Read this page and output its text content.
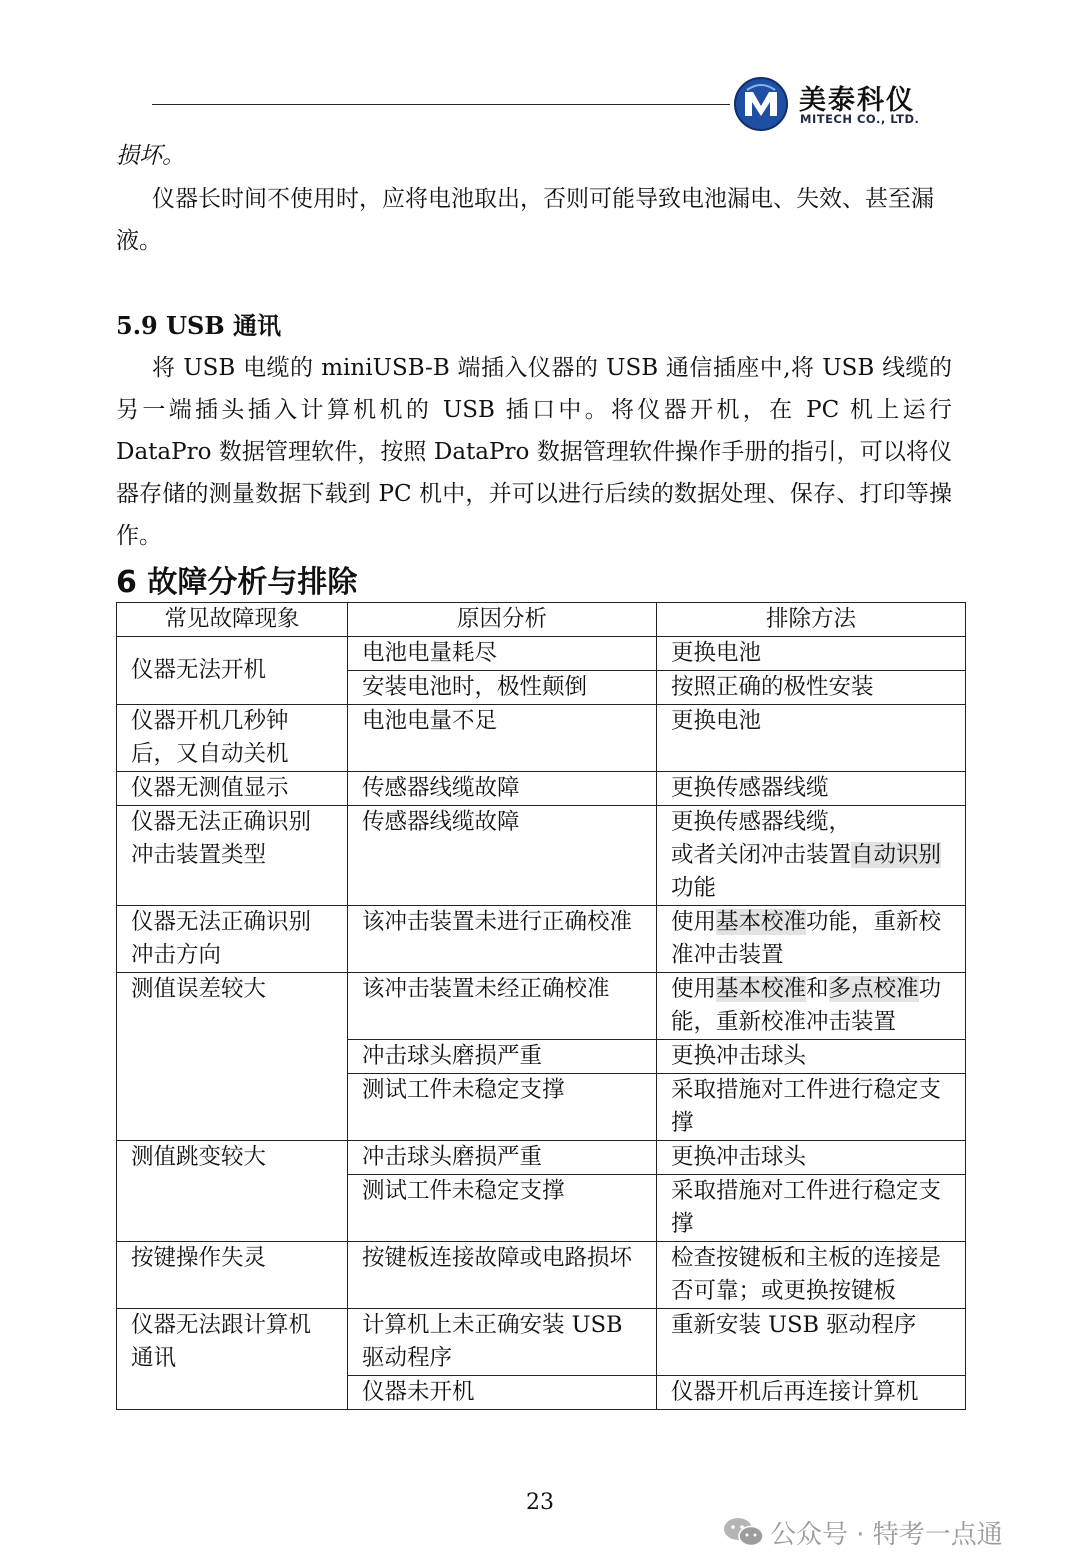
美泰科仪
MITECH CO., LTD.

损坏。

仪器长时间不使用时，应将电池取出，否则可能导致电池漏电、失效、甚至漏液。

5.9 USB 通讯

将 USB 电缆的 miniUSB-B 端插入仪器的 USB 通信插座中,将 USB 线缆的另一端插头插入计算机机的 USB 插口中。将仪器开机，在 PC 机上运行 DataPro 数据管理软件，按照 DataPro 数据管理软件操作手册的指引，可以将仪器存储的测量数据下载到 PC 机中，并可以进行后续的数据处理、保存、打印等操作。

6 故障分析与排除
常见故障现象	原因分析	排除方法
仪器无法开机	电池电量耗尽	更换电池
	安装电池时，极性颠倒	按照正确的极性安装
仪器开机几秒钟后，又自动关机	电池电量不足	更换电池
仪器无测值显示	传感器线缆故障	更换传感器线缆
仪器无法正确识别冲击装置类型	传感器线缆故障	更换传感器线缆，
或者关闭冲击装置自动识别功能
仪器无法正确识别冲击方向	该冲击装置未进行正确校准	使用基本校准功能，重新校准冲击装置
测值误差较大	该冲击装置未经正确校准	使用基本校准和多点校准功能，重新校准冲击装置
	冲击球头磨损严重	更换冲击球头
	测试工件未稳定支撑	采取措施对工件进行稳定支撑
测值跳变较大	冲击球头磨损严重	更换冲击球头
	测试工件未稳定支撑	采取措施对工件进行稳定支撑
按键操作失灵	按键板连接故障或电路损坏	检查按键板和主板的连接是否可靠；或更换按键板
仪器无法跟计算机通讯	计算机上未正确安装 USB 驱动程序	重新安装 USB 驱动程序
	仪器未开机	仪器开机后再连接计算机
23
公众号 · 特考一点通
